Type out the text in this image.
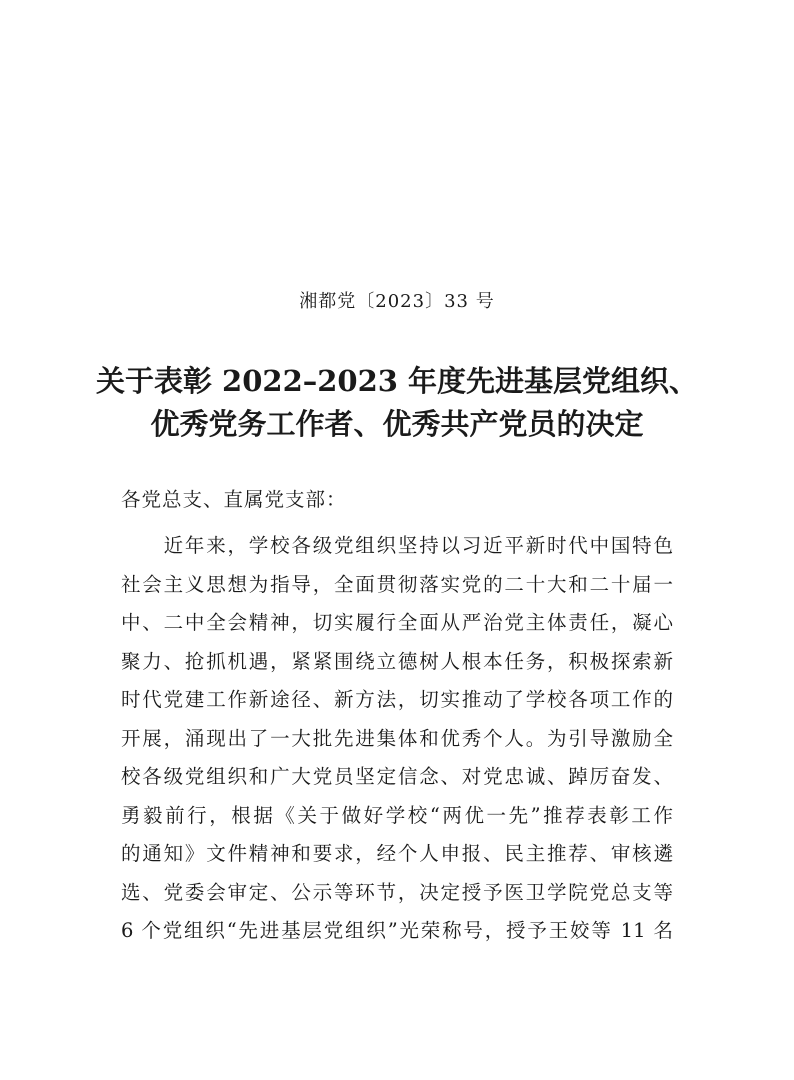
湘都党〔2023〕33 号
关于表彰 2022–2023 年度先进基层党组织、
优秀党务工作者、优秀共产党员的决定
各党总支、直属党支部：
　　近年来，学校各级党组织坚持以习近平新时代中国特色
社会主义思想为指导，全面贯彻落实党的二十大和二十届一
中、二中全会精神，切实履行全面从严治党主体责任，凝心
聚力、抢抓机遇，紧紧围绕立德树人根本任务，积极探索新
时代党建工作新途径、新方法，切实推动了学校各项工作的
开展，涌现出了一大批先进集体和优秀个人。为引导激励全
校各级党组织和广大党员坚定信念、对党忠诚、踔厉奋发、
勇毅前行，根据《关于做好学校“两优一先”推荐表彰工作
的通知》文件精神和要求，经个人申报、民主推荐、审核遴
选、党委会审定、公示等环节，决定授予医卫学院党总支等
6 个党组织“先进基层党组织”光荣称号，授予王姣等 11 名
